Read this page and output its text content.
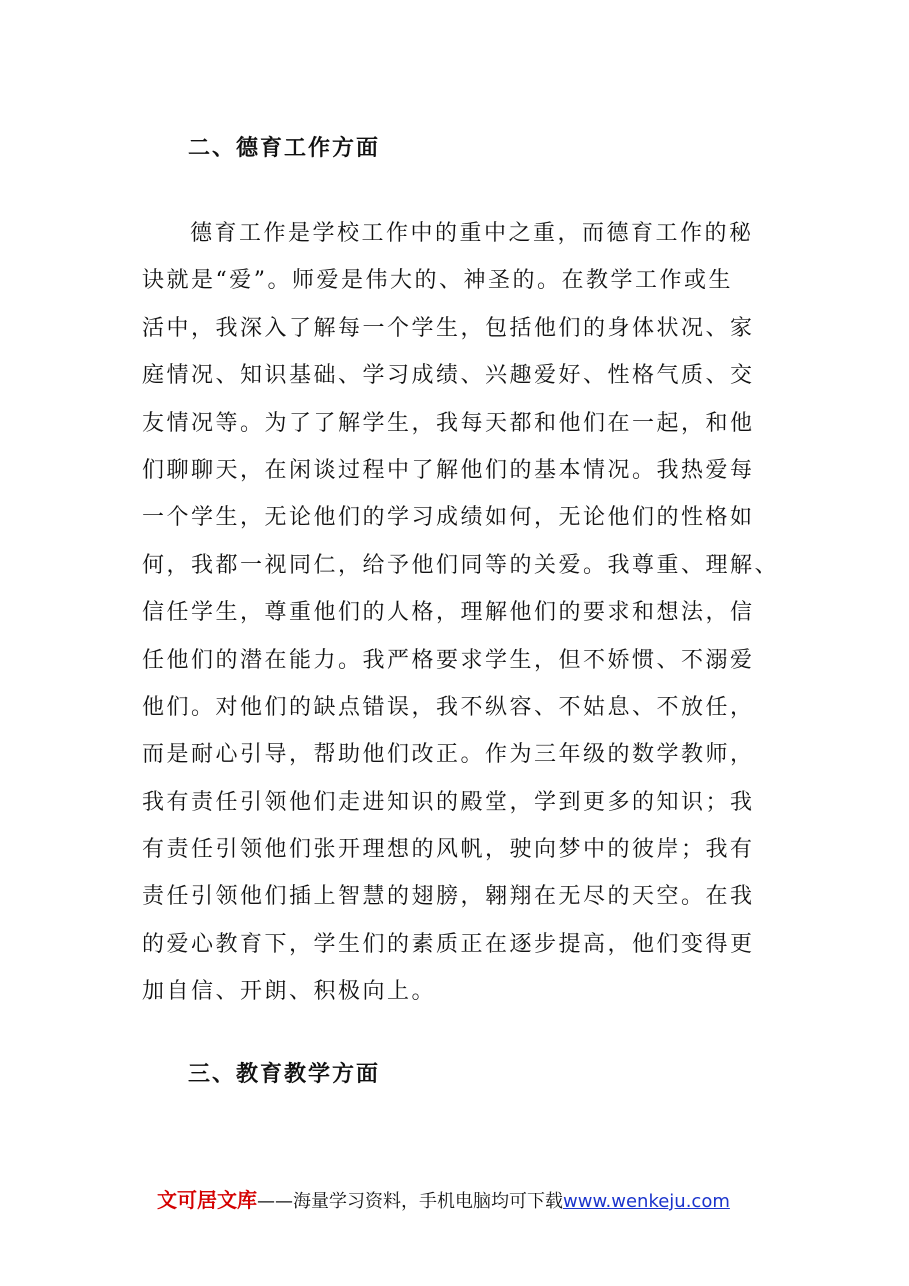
二、德育工作方面
德育工作是学校工作中的重中之重，而德育工作的秘
诀就是“爱”。师爱是伟大的、神圣的。在教学工作或生
活中，我深入了解每一个学生，包括他们的身体状况、家
庭情况、知识基础、学习成绩、兴趣爱好、性格气质、交
友情况等。为了了解学生，我每天都和他们在一起，和他
们聊聊天，在闲谈过程中了解他们的基本情况。我热爱每
一个学生，无论他们的学习成绩如何，无论他们的性格如
何，我都一视同仁，给予他们同等的关爱。我尊重、理解、
信任学生，尊重他们的人格，理解他们的要求和想法，信
任他们的潜在能力。我严格要求学生，但不娇惯、不溺爱
他们。对他们的缺点错误，我不纵容、不姑息、不放任，
而是耐心引导，帮助他们改正。作为三年级的数学教师，
我有责任引领他们走进知识的殿堂，学到更多的知识；我
有责任引领他们张开理想的风帆，驶向梦中的彼岸；我有
责任引领他们插上智慧的翅膀，翱翔在无尽的天空。在我
的爱心教育下，学生们的素质正在逐步提高，他们变得更
加自信、开朗、积极向上。
三、教育教学方面
文可居文库——海量学习资料，手机电脑均可下载www.wenkeju.com
